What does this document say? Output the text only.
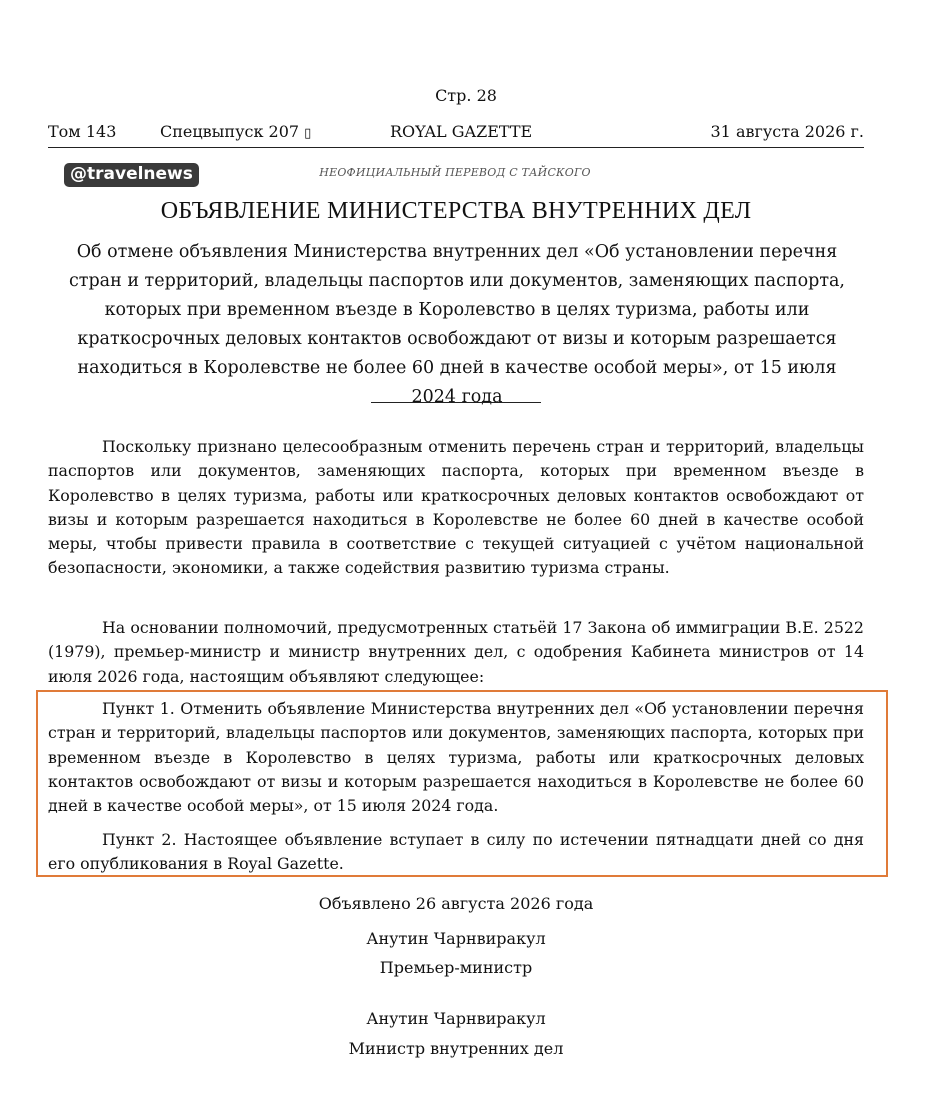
Стр. 28
Том 143	Спецвыпуск 207 ▯	ROYAL GAZETTE	31 августа 2026 г.
@travelnews	НЕОФИЦИАЛЬНЫЙ ПЕРЕВОД С ТАЙСКОГО
ОБЪЯВЛЕНИЕ МИНИСТЕРСТВА ВНУТРЕННИХ ДЕЛ
Об отмене объявления Министерства внутренних дел «Об установлении перечня стран и территорий, владельцы паспортов или документов, заменяющих паспорта, которых при временном въезде в Королевство в целях туризма, работы или краткосрочных деловых контактов освобождают от визы и которым разрешается находиться в Королевстве не более 60 дней в качестве особой меры», от 15 июля 2024 года

Поскольку признано целесообразным отменить перечень стран и территорий, владельцы паспортов или документов, заменяющих паспорта, которых при временном въезде в Королевство в целях туризма, работы или краткосрочных деловых контактов освобождают от визы и которым разрешается находиться в Королевстве не более 60 дней в качестве особой меры, чтобы привести правила в соответствие с текущей ситуацией с учётом национальной безопасности, экономики, а также содействия развитию туризма страны.

На основании полномочий, предусмотренных статьёй 17 Закона об иммиграции B.E. 2522 (1979), премьер-министр и министр внутренних дел, с одобрения Кабинета министров от 14 июля 2026 года, настоящим объявляют следующее:

Пункт 1. Отменить объявление Министерства внутренних дел «Об установлении перечня стран и территорий, владельцы паспортов или документов, заменяющих паспорта, которых при временном въезде в Королевство в целях туризма, работы или краткосрочных деловых контактов освобождают от визы и которым разрешается находиться в Королевстве не более 60 дней в качестве особой меры», от 15 июля 2024 года.

Пункт 2. Настоящее объявление вступает в силу по истечении пятнадцати дней со дня его опубликования в Royal Gazette.

Объявлено 26 августа 2026 года
Анутин Чарнвиракул
Премьер-министр
Анутин Чарнвиракул
Министр внутренних дел
